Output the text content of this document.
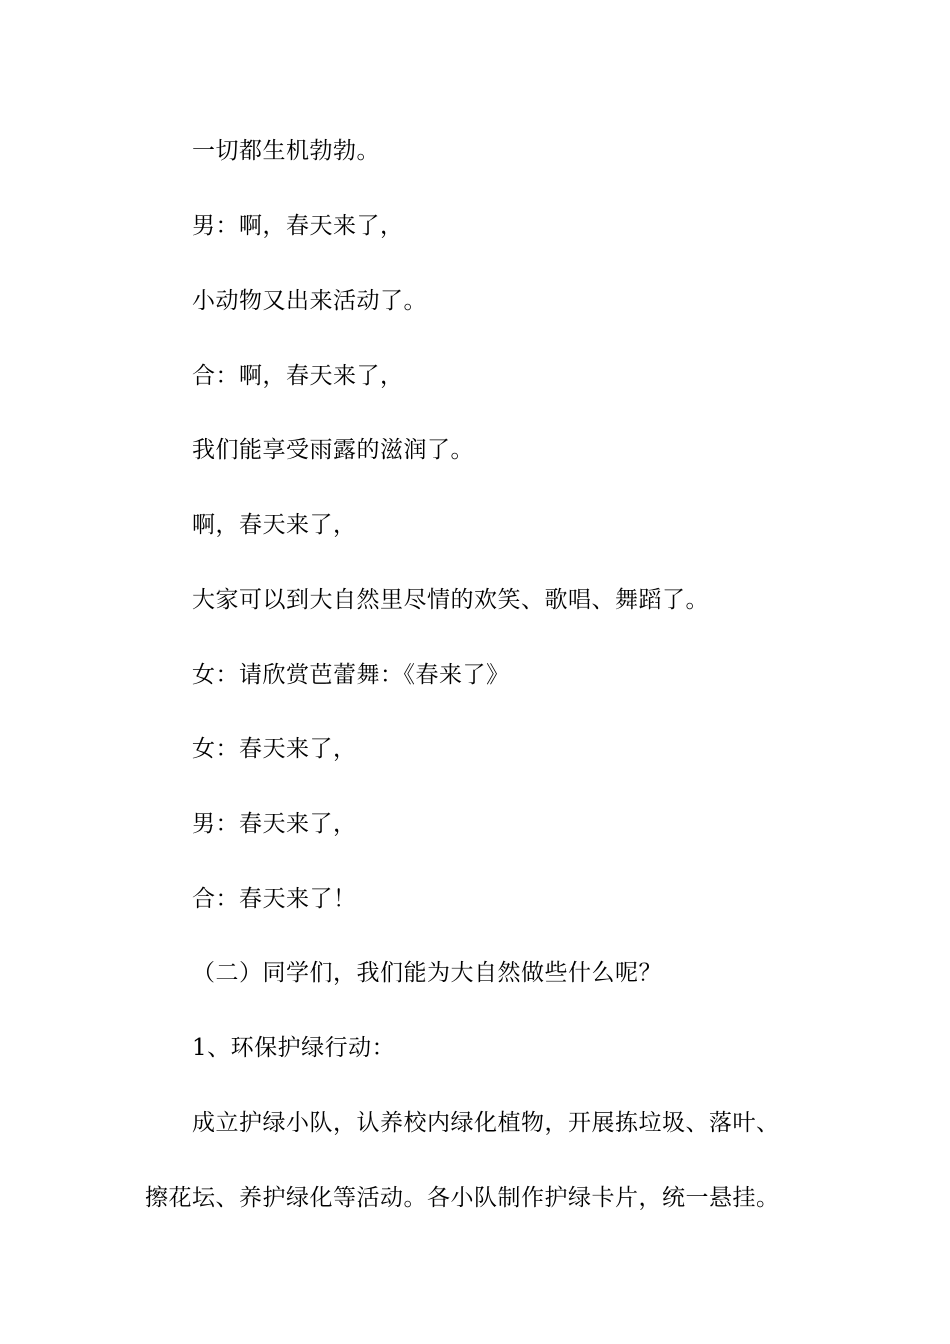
一切都生机勃勃。
男：啊，春天来了，
小动物又出来活动了。
合：啊，春天来了，
我们能享受雨露的滋润了。
啊，春天来了，
大家可以到大自然里尽情的欢笑、歌唱、舞蹈了。
女：请欣赏芭蕾舞：《春来了》
女：春天来了，
男：春天来了，
合：春天来了！
（二）同学们，我们能为大自然做些什么呢？
1、环保护绿行动：
成立护绿小队，认养校内绿化植物，开展拣垃圾、落叶、
擦花坛、养护绿化等活动。各小队制作护绿卡片，统一悬挂。
